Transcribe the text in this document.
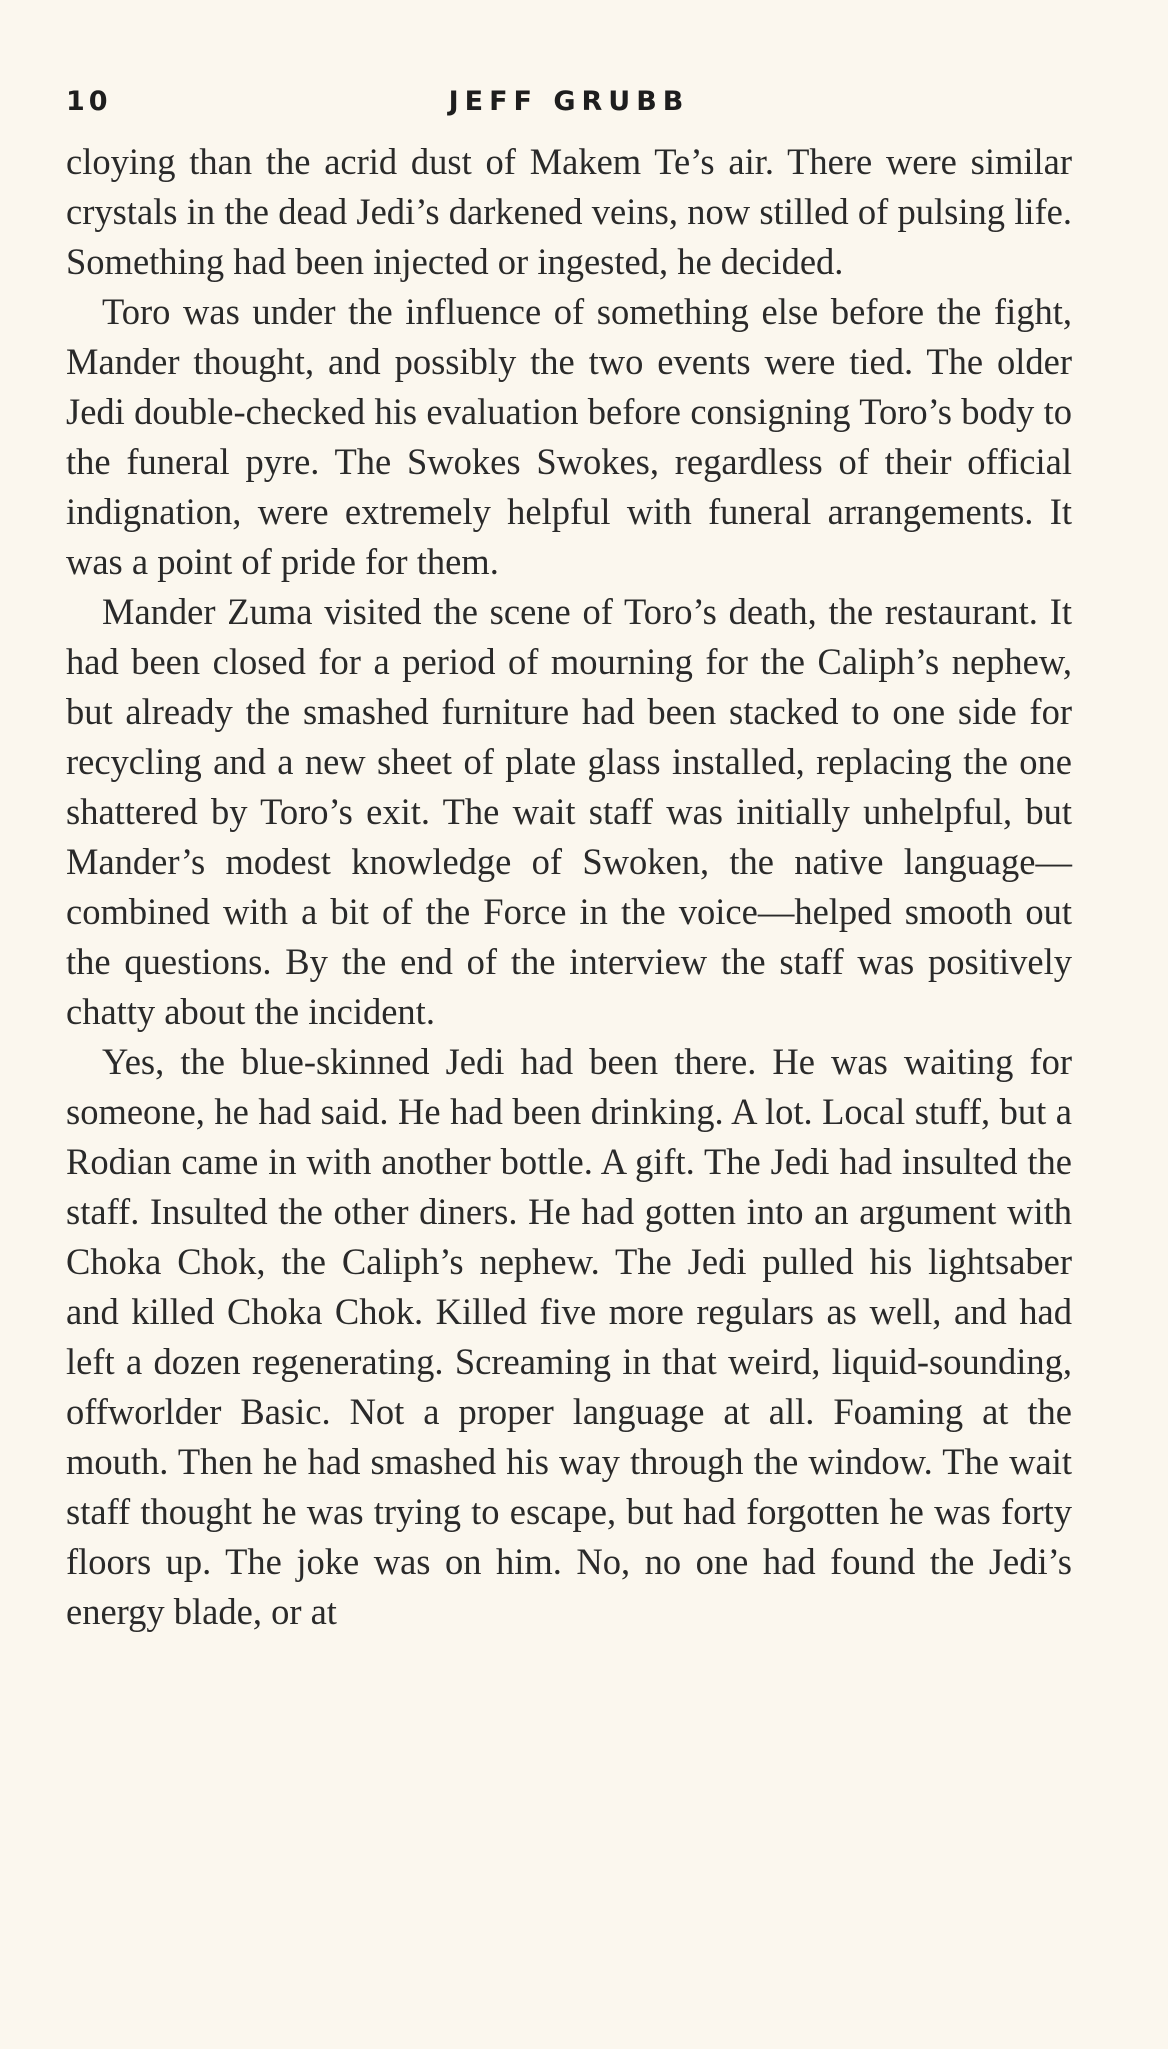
10	JEFF GRUBB

cloying than the acrid dust of Makem Te’s air. There were similar crystals in the dead Jedi’s darkened veins, now stilled of pulsing life. Something had been injected or ingested, he decided.

Toro was under the influence of something else before the fight, Mander thought, and possibly the two events were tied. The older Jedi double-checked his evaluation before consigning Toro’s body to the funeral pyre. The Swokes Swokes, regardless of their official indignation, were extremely helpful with funeral arrangements. It was a point of pride for them.

Mander Zuma visited the scene of Toro’s death, the restaurant. It had been closed for a period of mourning for the Caliph’s nephew, but already the smashed furniture had been stacked to one side for recycling and a new sheet of plate glass installed, replacing the one shattered by Toro’s exit. The wait staff was initially unhelpful, but Mander’s modest knowledge of Swoken, the native language—combined with a bit of the Force in the voice—helped smooth out the questions. By the end of the interview the staff was positively chatty about the incident.

Yes, the blue-skinned Jedi had been there. He was waiting for someone, he had said. He had been drinking. A lot. Local stuff, but a Rodian came in with another bottle. A gift. The Jedi had insulted the staff. Insulted the other diners. He had gotten into an argument with Choka Chok, the Caliph’s nephew. The Jedi pulled his lightsaber and killed Choka Chok. Killed five more regulars as well, and had left a dozen regenerating. Screaming in that weird, liquid-sounding, offworlder Basic. Not a proper language at all. Foaming at the mouth. Then he had smashed his way through the window. The wait staff thought he was trying to escape, but had forgotten he was forty floors up. The joke was on him. No, no one had found the Jedi’s energy blade, or at
